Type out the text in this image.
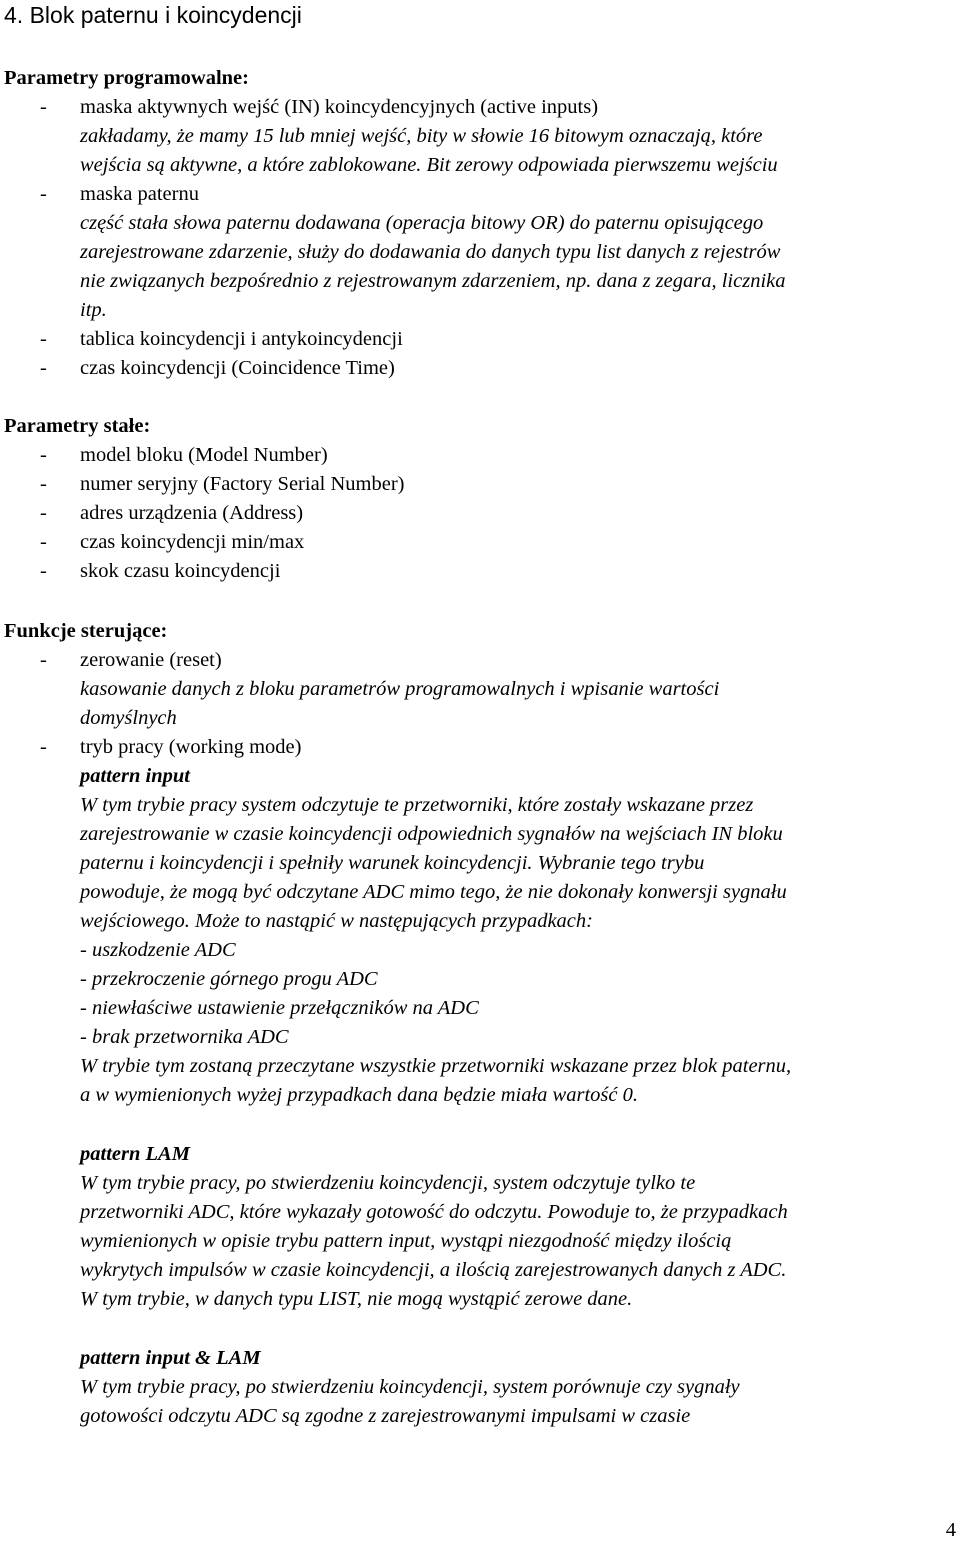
4. Blok paternu i koincydencji
Parametry programowalne:
- maska aktywnych wejść (IN) koincydencyjnych (active inputs)
zakładamy, że mamy 15 lub mniej wejść, bity w słowie 16 bitowym oznaczają, które
wejścia są aktywne, a które zablokowane. Bit zerowy odpowiada pierwszemu wejściu
- maska paternu
część stała słowa paternu dodawana (operacja bitowy OR) do paternu opisującego
zarejestrowane zdarzenie, służy do dodawania do danych typu list danych z rejestrów
nie związanych bezpośrednio z rejestrowanym zdarzeniem, np. dana z zegara, licznika
itp.
- tablica koincydencji i antykoincydencji
- czas koincydencji (Coincidence Time)
Parametry stałe:
- model bloku (Model Number)
- numer seryjny (Factory Serial Number)
- adres urządzenia (Address)
- czas koincydencji min/max
- skok czasu koincydencji
Funkcje sterujące:
- zerowanie (reset)
kasowanie danych z bloku parametrów programowalnych i wpisanie wartości
domyślnych
- tryb pracy (working mode)
pattern input
W tym trybie pracy system odczytuje te przetworniki, które zostały wskazane przez
zarejestrowanie w czasie koincydencji odpowiednich sygnałów na wejściach IN bloku
paternu i koincydencji i spełniły warunek koincydencji. Wybranie tego trybu
powoduje, że mogą być odczytane ADC mimo tego, że nie dokonały konwersji sygnału
wejściowego. Może to nastąpić w następujących przypadkach:
- uszkodzenie ADC
- przekroczenie górnego progu ADC
- niewłaściwe ustawienie przełączników na ADC
- brak przetwornika ADC
W trybie tym zostaną przeczytane wszystkie przetworniki wskazane przez blok paternu,
a w wymienionych wyżej przypadkach dana będzie miała wartość 0.
pattern LAM
W tym trybie pracy, po stwierdzeniu koincydencji, system odczytuje tylko te
przetworniki ADC, które wykazały gotowość do odczytu. Powoduje to, że przypadkach
wymienionych w opisie trybu pattern input, wystąpi niezgodność między ilością
wykrytych impulsów w czasie koincydencji, a ilością zarejestrowanych danych z ADC.
W tym trybie, w danych typu LIST, nie mogą wystąpić zerowe dane.
pattern input & LAM
W tym trybie pracy, po stwierdzeniu koincydencji, system porównuje czy sygnały
gotowości odczytu ADC są zgodne z zarejestrowanymi impulsami w czasie
4
